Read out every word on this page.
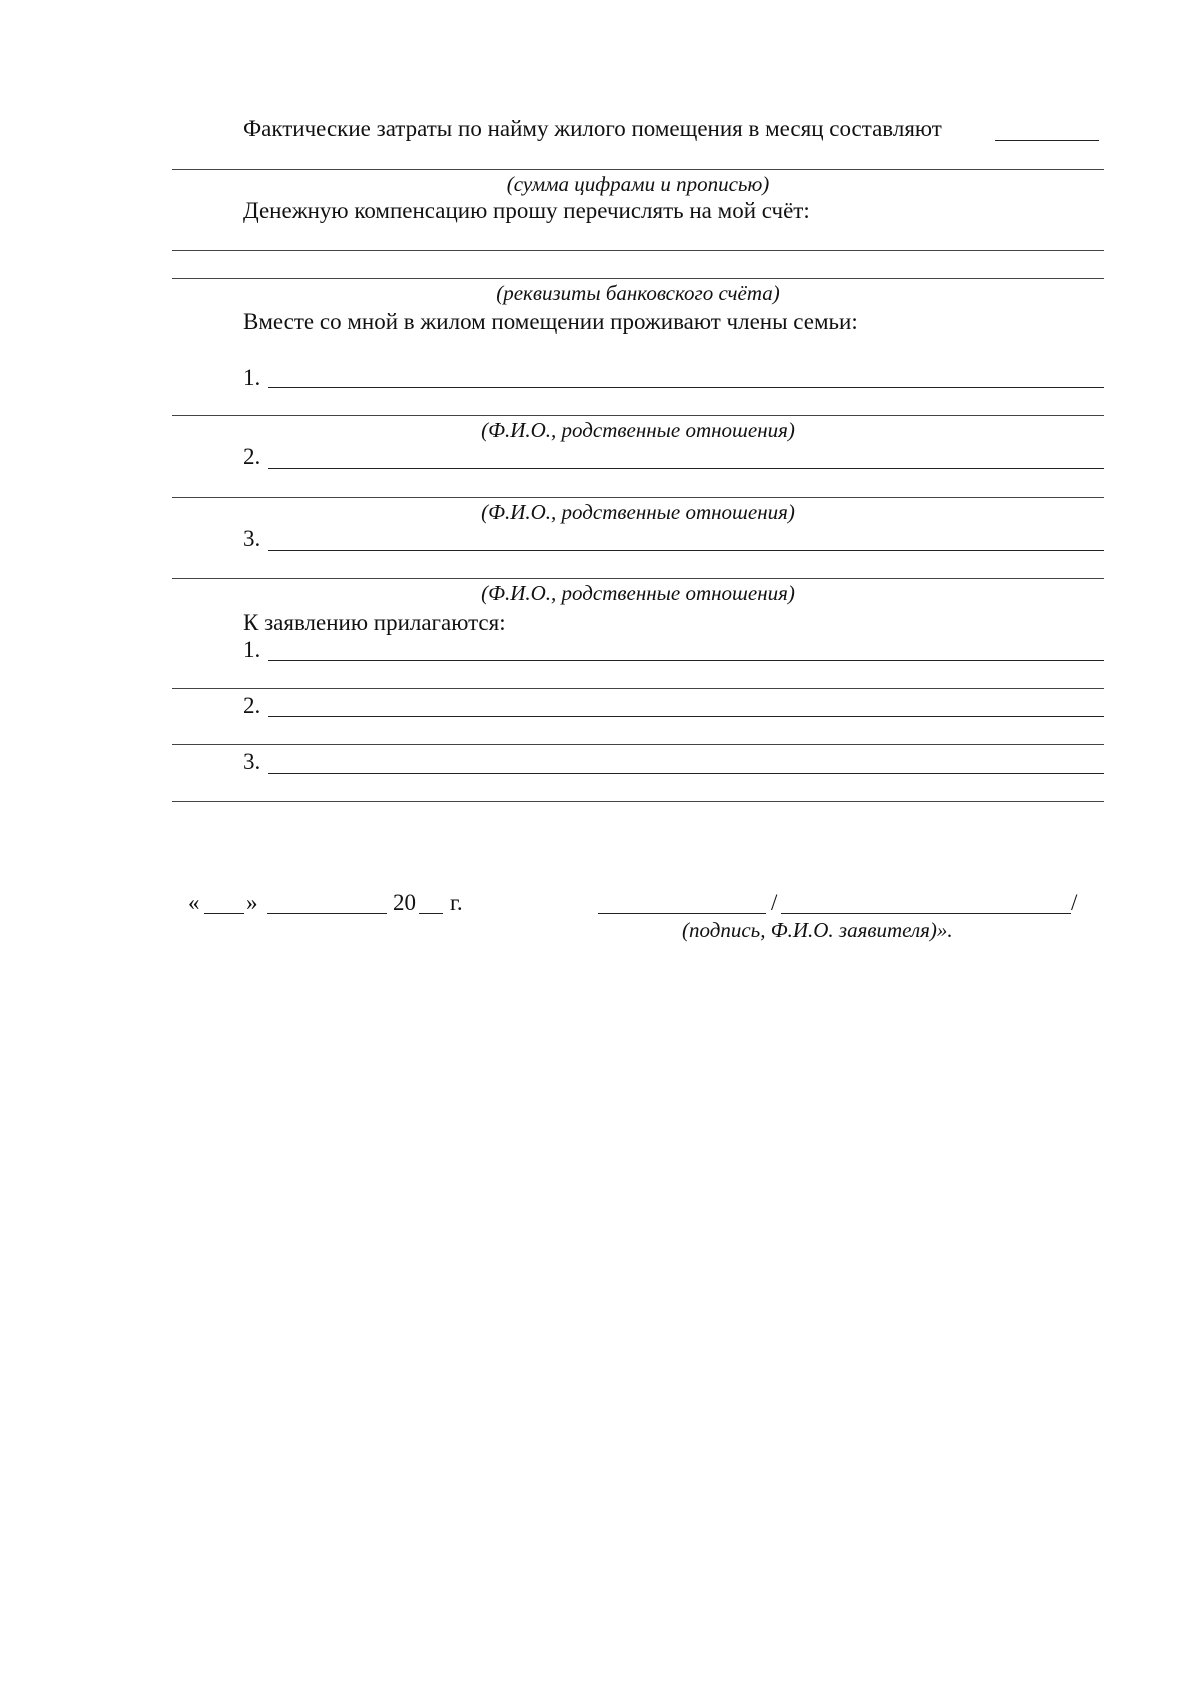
Фактические затраты по найму жилого помещения в месяц составляют
(сумма цифрами и прописью)
Денежную компенсацию прошу перечислять на мой счёт:
(реквизиты банковского счёта)
Вместе со мной в жилом помещении проживают члены семьи:
1.
(Ф.И.О., родственные отношения)
2.
(Ф.И.О., родственные отношения)
3.
(Ф.И.О., родственные отношения)
К заявлению прилагаются:
1.
2.
3.
« »	20 г.	/	/
(подпись, Ф.И.О. заявителя)».
